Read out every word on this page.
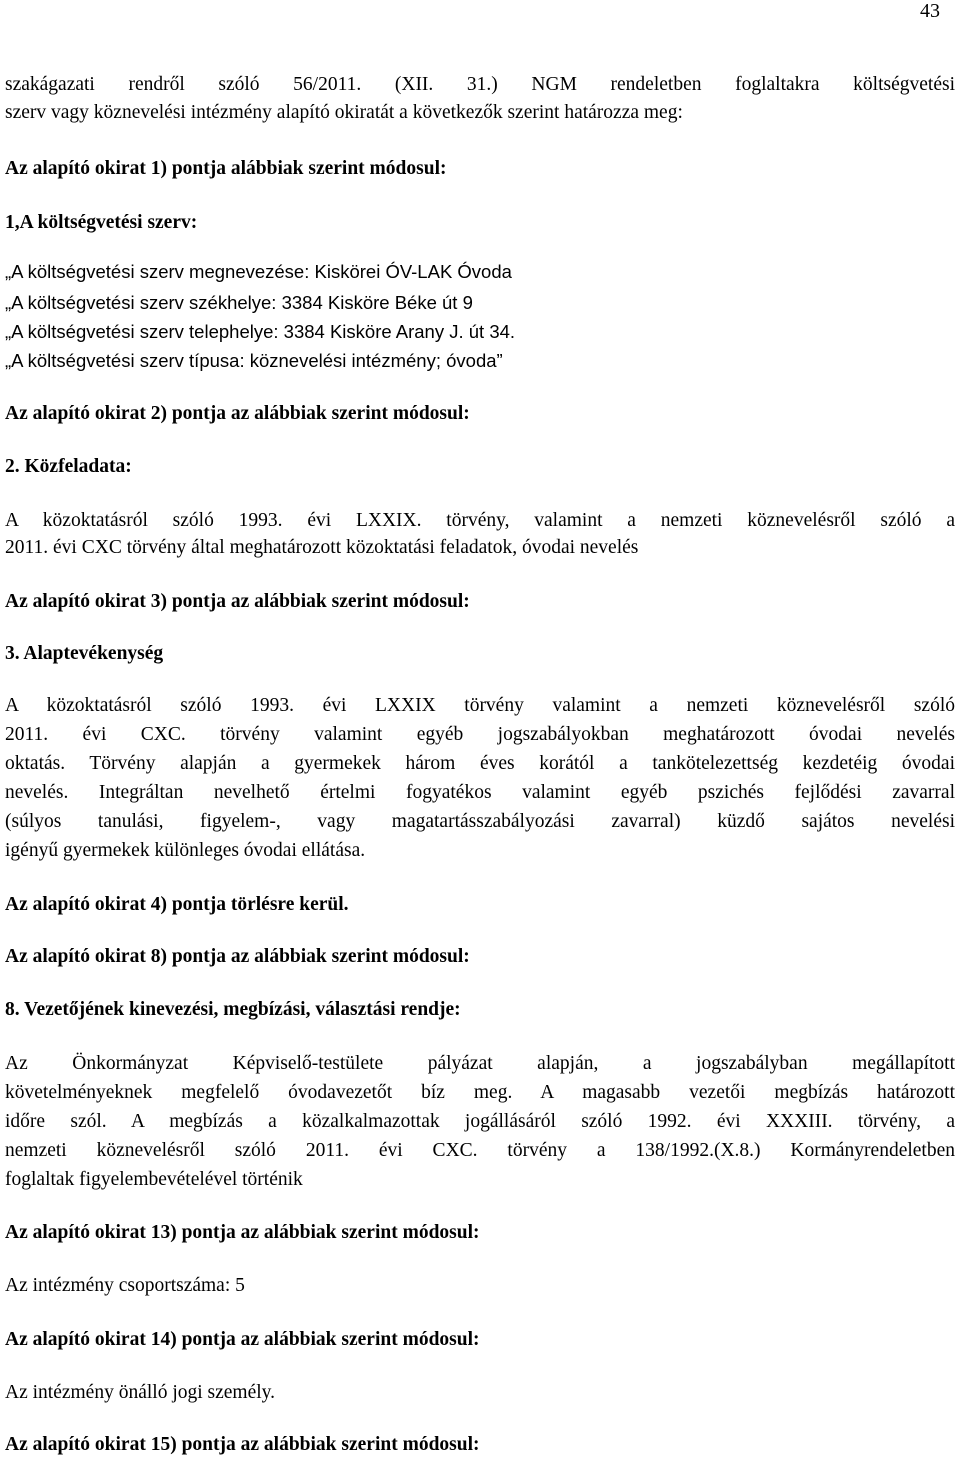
43
szakágazati rendről szóló 56/2011. (XII. 31.) NGM rendeletben foglaltakra költségvetési
szerv vagy köznevelési intézmény alapító okiratát a következők szerint határozza meg:
Az alapító okirat 1) pontja alábbiak szerint módosul:
1,A költségvetési szerv:
„A költségvetési szerv megnevezése: Kiskörei ÓV-LAK Óvoda
„A költségvetési szerv székhelye: 3384 Kisköre Béke út 9
„A költségvetési szerv telephelye: 3384 Kisköre Arany J. út 34.
„A költségvetési szerv típusa: köznevelési intézmény; óvoda”
Az alapító okirat 2) pontja az alábbiak szerint módosul:
2. Közfeladata:
A közoktatásról szóló 1993. évi LXXIX. törvény, valamint a nemzeti köznevelésről szóló a
2011. évi CXC törvény által meghatározott közoktatási feladatok, óvodai nevelés
Az alapító okirat 3) pontja az alábbiak szerint módosul:
3. Alaptevékenység
A közoktatásról szóló 1993. évi LXXIX törvény valamint a nemzeti köznevelésről szóló
2011. évi CXC. törvény valamint egyéb jogszabályokban meghatározott óvodai nevelés
oktatás. Törvény alapján a gyermekek három éves korától a tankötelezettség kezdetéig óvodai
nevelés. Integráltan nevelhető értelmi fogyatékos valamint egyéb pszichés fejlődési zavarral
(súlyos tanulási, figyelem-, vagy magatartásszabályozási zavarral) küzdő sajátos nevelési
igényű gyermekek különleges óvodai ellátása.
Az alapító okirat 4) pontja törlésre kerül.
Az alapító okirat 8) pontja az alábbiak szerint módosul:
8. Vezetőjének kinevezési, megbízási, választási rendje:
Az Önkormányzat Képviselő-testülete pályázat alapján, a jogszabályban megállapított
követelményeknek megfelelő óvodavezetőt bíz meg. A magasabb vezetői megbízás határozott
időre szól. A megbízás a közalkalmazottak jogállásáról szóló 1992. évi XXXIII. törvény, a
nemzeti köznevelésről szóló 2011. évi CXC. törvény a 138/1992.(X.8.) Kormányrendeletben
foglaltak figyelembevételével történik
Az alapító okirat 13) pontja az alábbiak szerint módosul:
Az intézmény csoportszáma: 5
Az alapító okirat 14) pontja az alábbiak szerint módosul:
Az intézmény önálló jogi személy.
Az alapító okirat 15) pontja az alábbiak szerint módosul:
